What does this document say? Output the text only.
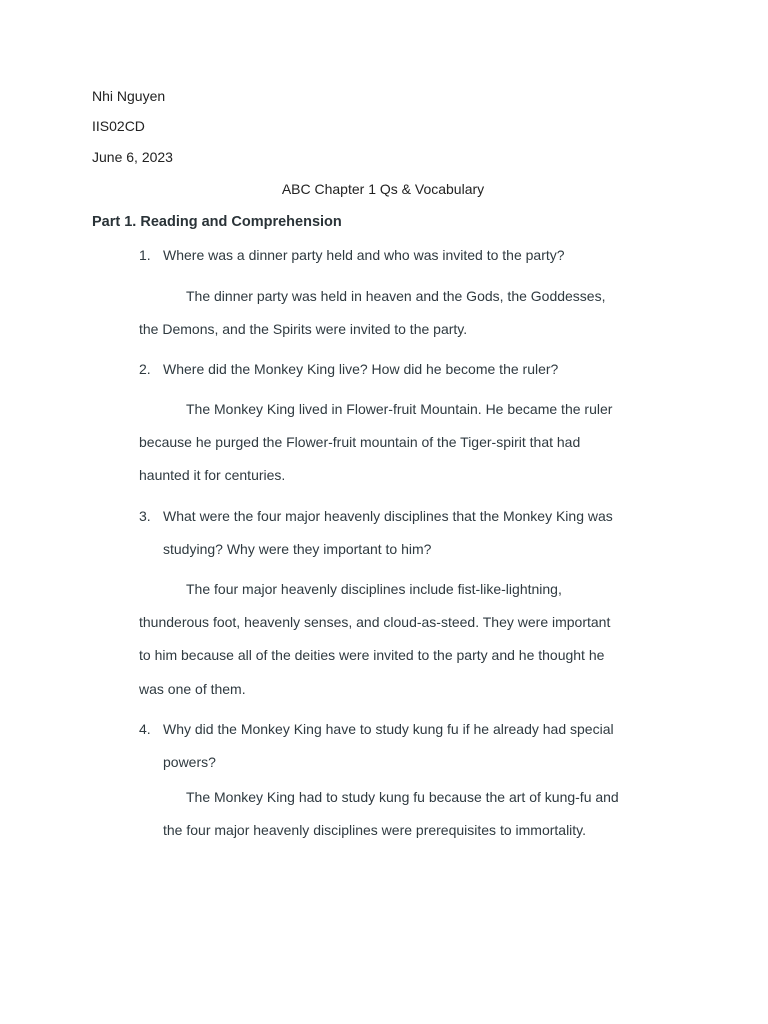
Nhi Nguyen
IIS02CD
June 6, 2023
ABC Chapter 1 Qs & Vocabulary
Part 1. Reading and Comprehension
1. Where was a dinner party held and who was invited to the party?
The dinner party was held in heaven and the Gods, the Goddesses,
the Demons, and the Spirits were invited to the party.
2. Where did the Monkey King live? How did he become the ruler?
The Monkey King lived in Flower-fruit Mountain. He became the ruler
because he purged the Flower-fruit mountain of the Tiger-spirit that had
haunted it for centuries.
3. What were the four major heavenly disciplines that the Monkey King was
studying? Why were they important to him?
The four major heavenly disciplines include fist-like-lightning,
thunderous foot, heavenly senses, and cloud-as-steed. They were important
to him because all of the deities were invited to the party and he thought he
was one of them.
4. Why did the Monkey King have to study kung fu if he already had special
powers?
The Monkey King had to study kung fu because the art of kung-fu and
the four major heavenly disciplines were prerequisites to immortality.
